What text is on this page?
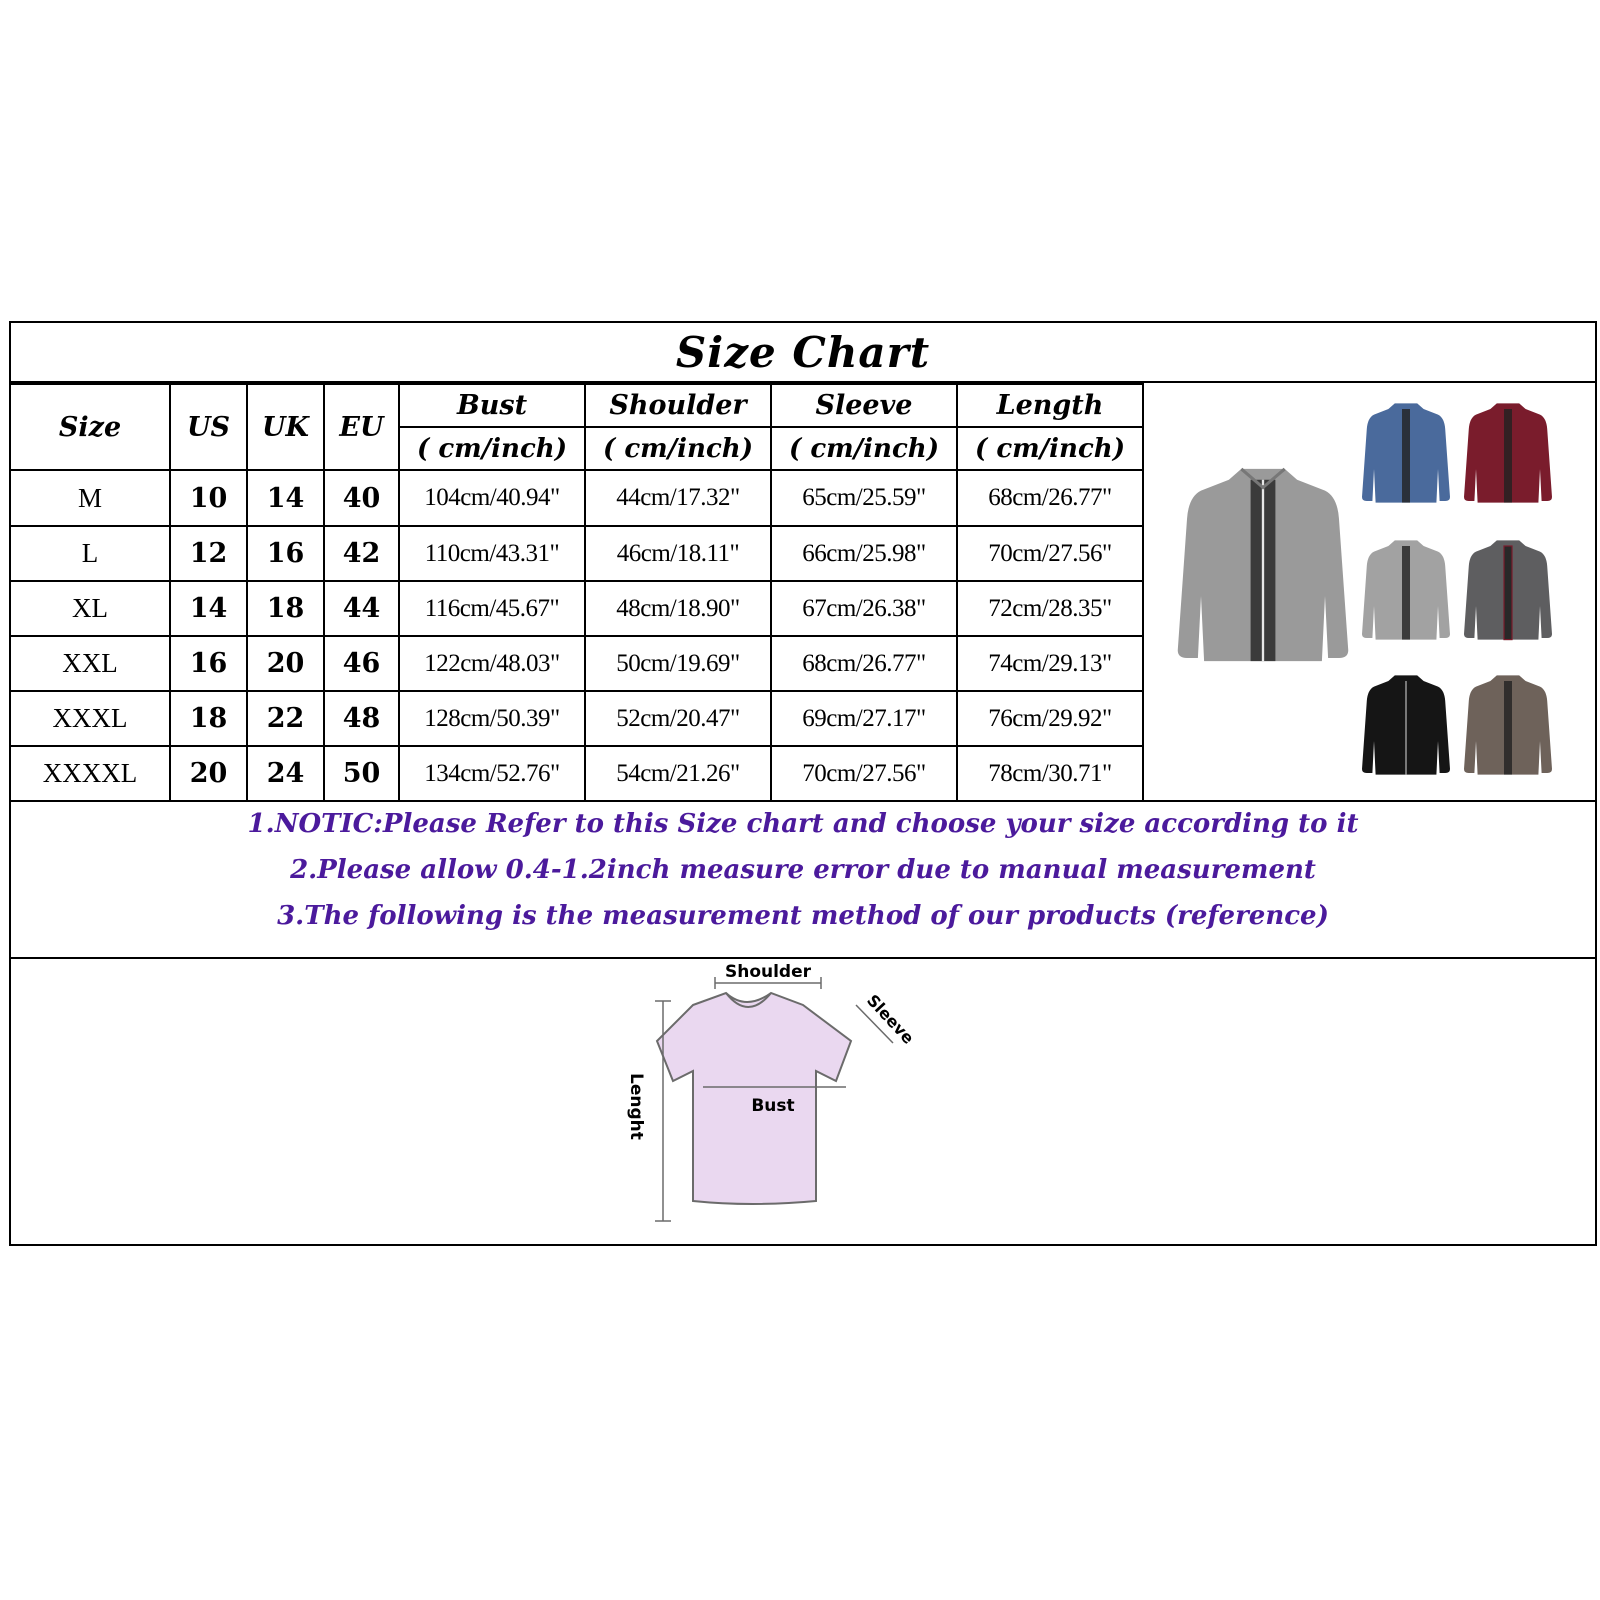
Size Chart
Size	US	UK	EU	Bust	Shoulder	Sleeve	Length
				( cm/inch)	( cm/inch)	( cm/inch)	( cm/inch)
M	10	14	40	104cm/40.94"	44cm/17.32"	65cm/25.59"	68cm/26.77"
L	12	16	42	110cm/43.31"	46cm/18.11"	66cm/25.98"	70cm/27.56"
XL	14	18	44	116cm/45.67"	48cm/18.90"	67cm/26.38"	72cm/28.35"
XXL	16	20	46	122cm/48.03"	50cm/19.69"	68cm/26.77"	74cm/29.13"
XXXL	18	22	48	128cm/50.39"	52cm/20.47"	69cm/27.17"	76cm/29.92"
XXXXL	20	24	50	134cm/52.76"	54cm/21.26"	70cm/27.56"	78cm/30.71"
1.NOTIC:Please Refer to this Size chart and choose your size according to it
2.Please allow 0.4-1.2inch measure error due to manual measurement
3.The following is the measurement method of our products (reference)
Shoulder
Sleeve
Bust
Lenght
